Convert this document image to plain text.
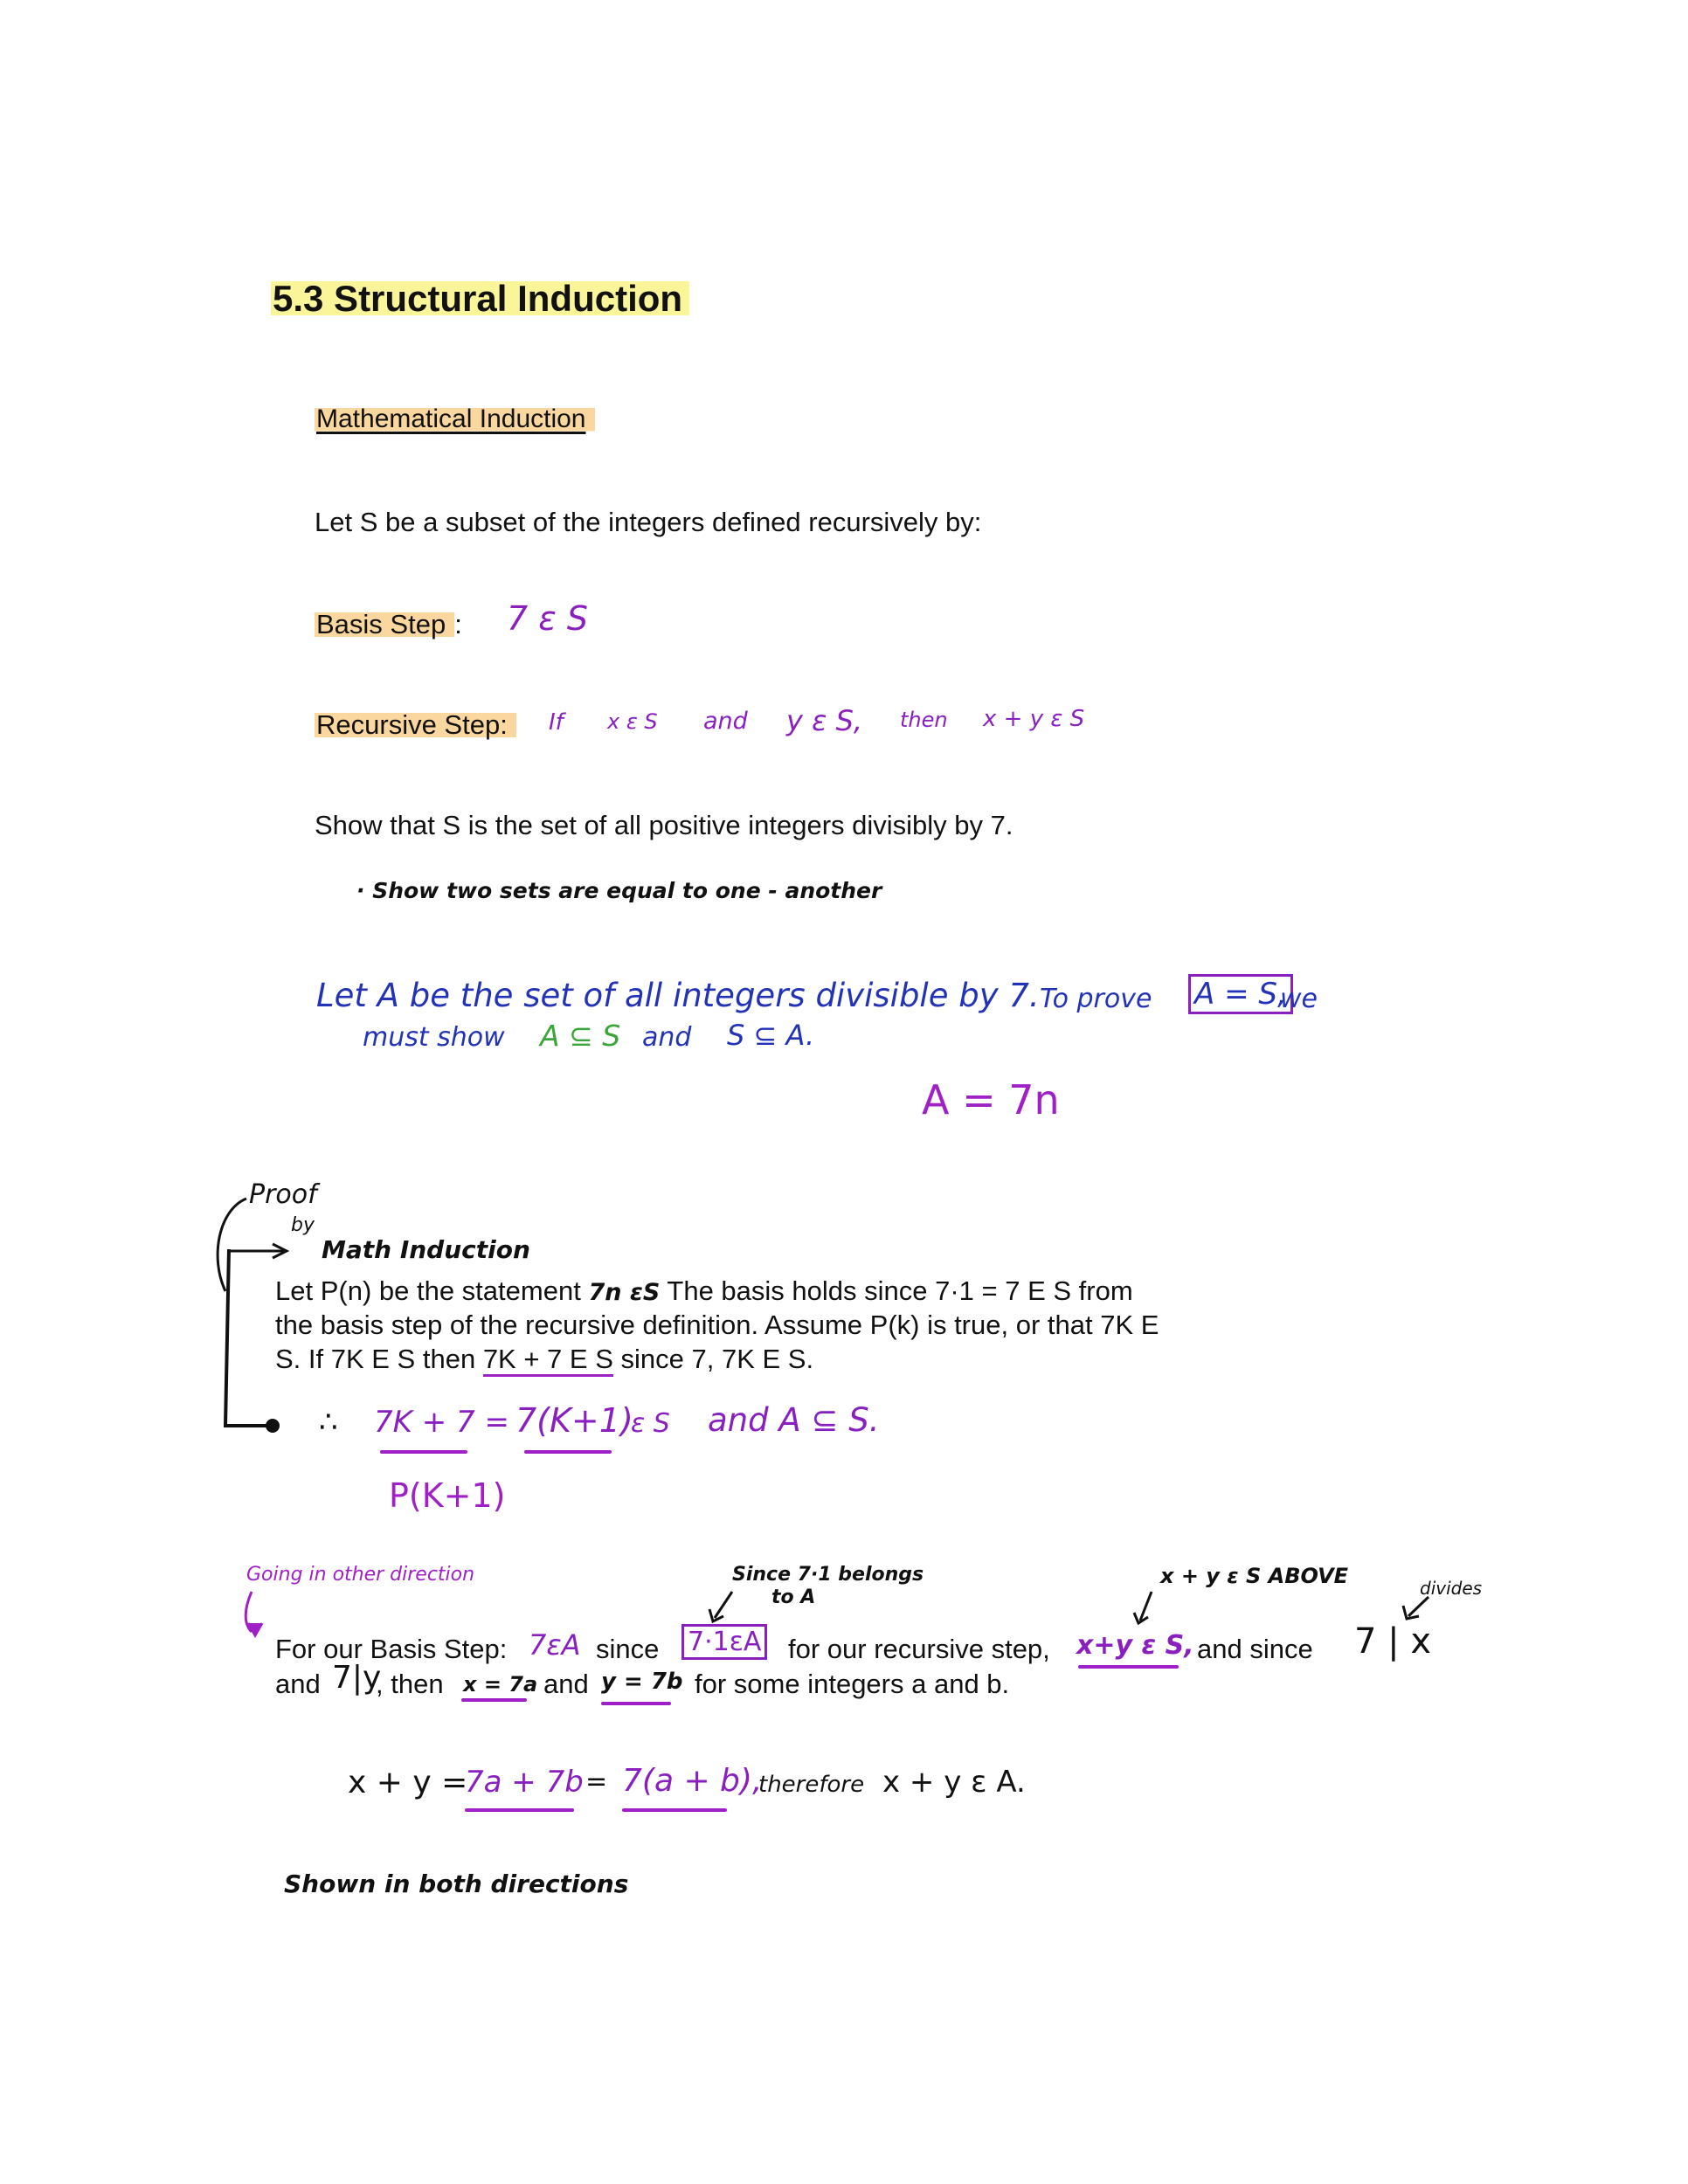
5.3 Structural Induction
Mathematical Induction
Let S be a subset of the integers defined recursively by:
Basis Step : 7 ε S
Recursive Step:	If x ε S and y ε S, then x + y ε S
Show that S is the set of all positive integers divisibly by 7.
· Show two sets are equal to one - another
Let A be the set of all integers divisible by 7. To prove A = S,
we
must show A ⊆ S and S ⊆ A.
A = 7n
Proof
by
Math Induction
Let P(n) be the statement 7n εS The basis holds since 7·1 = 7 E S from
the basis step of the recursive definition. Assume P(k) is true, or that 7K E
S. If 7K E S then 7K + 7 E S since 7, 7K E S.
∴ 7K + 7 = 7(K+1)
ε S and A ⊆ S.
P(K+1)
Going in other direction	Since 7·1 belongs
to A
x + y ε S ABOVE	divides
For our Basis Step: 7εA since 7·1εA for our recursive step, x+y ε S, and since 7 | x
and 7|y
, then x = 7a and y = 7b for some integers a and b.
x + y =
7a + 7b = 7(a + b),
therefore x + y ε A.
Shown in both directions
